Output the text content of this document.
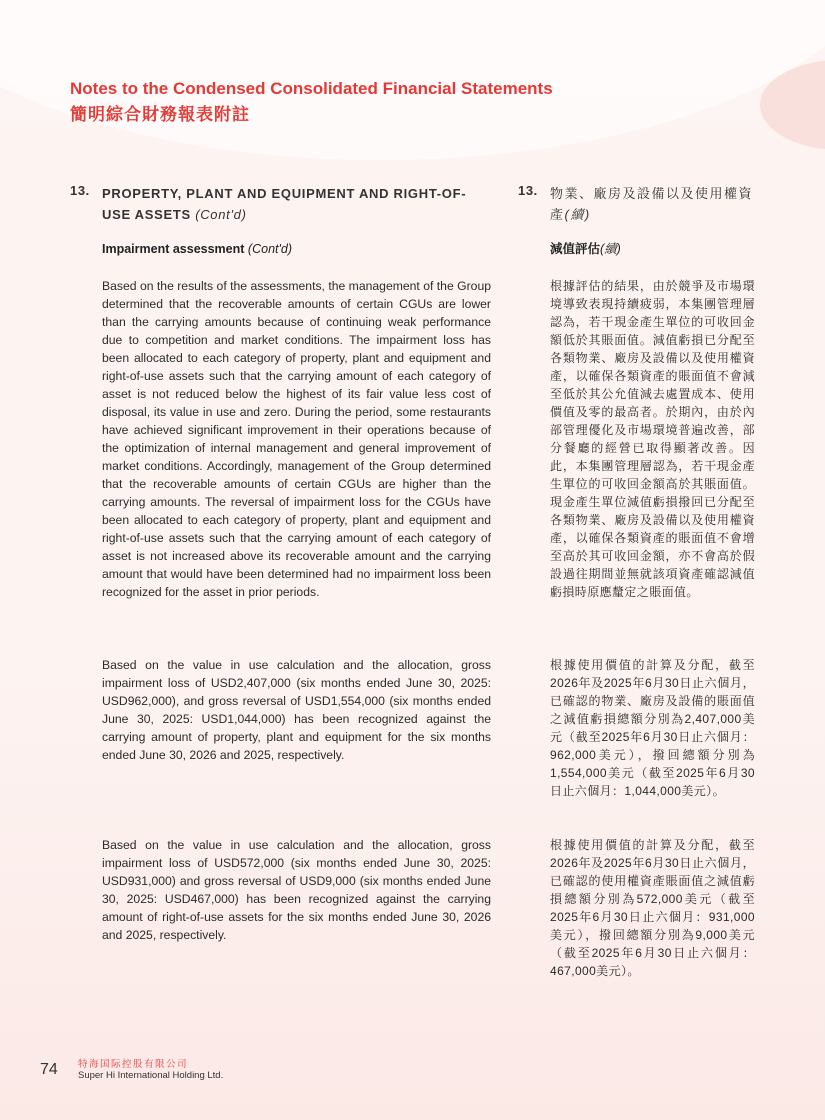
Notes to the Condensed Consolidated Financial Statements
簡明綜合財務報表附註
13. PROPERTY, PLANT AND EQUIPMENT AND RIGHT-OF-USE ASSETS (Cont'd)
Impairment assessment (Cont'd)

Based on the results of the assessments, the management of the Group determined that the recoverable amounts of certain CGUs are lower than the carrying amounts because of continuing weak performance due to competition and market conditions. The impairment loss has been allocated to each category of property, plant and equipment and right-of-use assets such that the carrying amount of each category of asset is not reduced below the highest of its fair value less cost of disposal, its value in use and zero. During the period, some restaurants have achieved significant improvement in their operations because of the optimization of internal management and general improvement of market conditions. Accordingly, management of the Group determined that the recoverable amounts of certain CGUs are higher than the carrying amounts. The reversal of impairment loss for the CGUs have been allocated to each category of property, plant and equipment and right-of-use assets such that the carrying amount of each category of asset is not increased above its recoverable amount and the carrying amount that would have been determined had no impairment loss been recognized for the asset in prior periods.

Based on the value in use calculation and the allocation, gross impairment loss of USD2,407,000 (six months ended June 30, 2025: USD962,000), and gross reversal of USD1,554,000 (six months ended June 30, 2025: USD1,044,000) has been recognized against the carrying amount of property, plant and equipment for the six months ended June 30, 2026 and 2025, respectively.

Based on the value in use calculation and the allocation, gross impairment loss of USD572,000 (six months ended June 30, 2025: USD931,000) and gross reversal of USD9,000 (six months ended June 30, 2025: USD467,000) has been recognized against the carrying amount of right-of-use assets for the six months ended June 30, 2026 and 2025, respectively.

13. 物業、廠房及設備以及使用權資產(續)
減值評估(續)

根據評估的結果，由於競爭及市場環境導致表現持續疲弱，本集團管理層認為，若干現金產生單位的可收回金額低於其賬面值。減值虧損已分配至各類物業、廠房及設備以及使用權資產，以確保各類資產的賬面值不會減至低於其公允值減去處置成本、使用價值及零的最高者。於期內，由於內部管理優化及市場環境普遍改善，部分餐廳的經營已取得顯著改善。因此，本集團管理層認為，若干現金產生單位的可收回金額高於其賬面值。現金產生單位減值虧損撥回已分配至各類物業、廠房及設備以及使用權資產，以確保各類資產的賬面值不會增至高於其可收回金額，亦不會高於假設過往期間並無就該項資產確認減值虧損時原應釐定之賬面值。

根據使用價值的計算及分配，截至2026年及2025年6月30日止六個月，已確認的物業、廠房及設備的賬面值之減值虧損總額分別為2,407,000美元（截至2025年6月30日止六個月：962,000美元），撥回總額分別為1,554,000美元（截至2025年6月30日止六個月：1,044,000美元）。

根據使用價值的計算及分配，截至2026年及2025年6月30日止六個月，已確認的使用權資產賬面值之減值虧損總額分別為572,000美元（截至2025年6月30日止六個月：931,000美元），撥回總額分別為9,000美元（截至2025年6月30日止六個月：467,000美元）。

74 特海国际控股有限公司
Super Hi International Holding Ltd.
